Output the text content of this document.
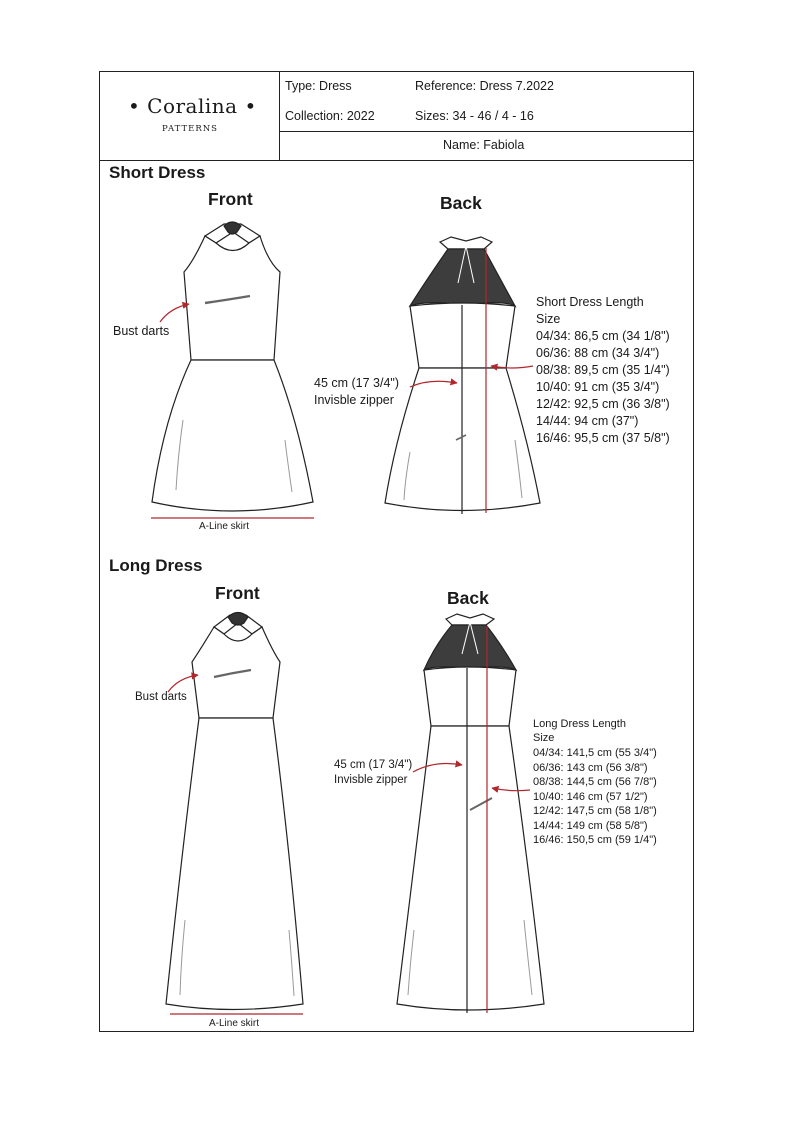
• Coralina •
PATTERNS
Type: Dress	Reference: Dress 7.2022
Collection: 2022	Sizes: 34 - 46 / 4 - 16
Name: Fabiola
Short Dress
Front	Back
Bust darts
A-Line skirt
45 cm (17 3/4")
Invisble zipper
Short Dress Length
Size
04/34: 86,5 cm (34 1/8")
06/36: 88 cm (34 3/4")
08/38: 89,5 cm (35 1/4")
10/40: 91 cm (35 3/4")
12/42: 92,5 cm (36 3/8")
14/44: 94 cm (37")
16/46: 95,5 cm (37 5/8")
Long Dress
Front	Back
Bust darts
A-Line skirt
45 cm (17 3/4")
Invisble zipper
Long Dress Length
Size
04/34: 141,5 cm (55 3/4")
06/36: 143 cm (56 3/8")
08/38: 144,5 cm (56 7/8")
10/40: 146 cm (57 1/2")
12/42: 147,5 cm (58 1/8")
14/44: 149 cm (58 5/8")
16/46: 150,5 cm (59 1/4")
